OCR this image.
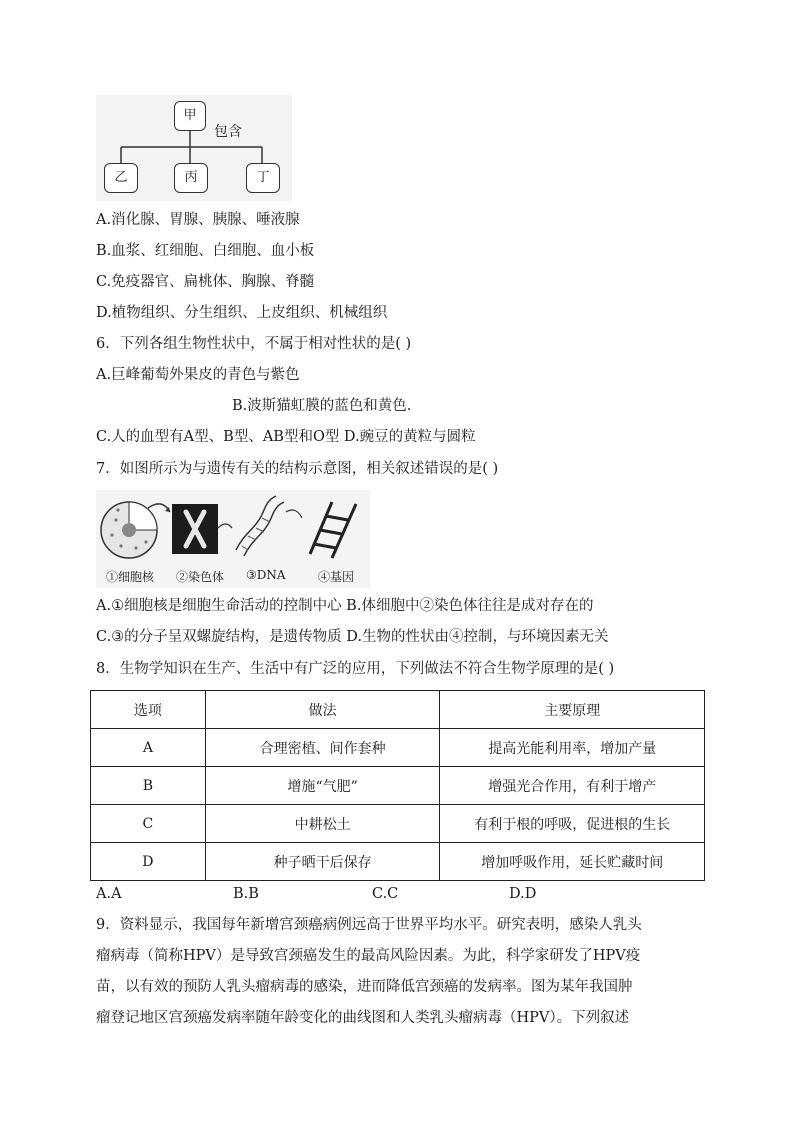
甲
包含
乙	丙	丁
A.消化腺、胃腺、胰腺、唾液腺
B.血浆、红细胞、白细胞、血小板
C.免疫器官、扁桃体、胸腺、脊髓
D.植物组织、分生组织、上皮组织、机械组织
6．下列各组生物性状中，不属于相对性状的是( )
A.巨峰葡萄外果皮的青色与紫色
B.波斯猫虹膜的蓝色和黄色.
C.人的血型有A型、B型、AB型和O型 D.豌豆的黄粒与圆粒
7．如图所示为与遗传有关的结构示意图，相关叙述错误的是( )
①细胞核 ②染色体 ③DNA	④基因
A.①细胞核是细胞生命活动的控制中心 B.体细胞中②染色体往往是成对存在的
C.③的分子呈双螺旋结构，是遗传物质 D.生物的性状由④控制，与环境因素无关
8．生物学知识在生产、生活中有广泛的应用，下列做法不符合生物学原理的是( )
选项	做法	主要原理
A	合理密植、间作套种	提高光能利用率，增加产量
B	增施“气肥”	增强光合作用，有利于增产
C	中耕松土	有利于根的呼吸，促进根的生长
D	种子晒干后保存	增加呼吸作用，延长贮藏时间
A.A	B.B	C.C	D.D
9．资料显示，我国每年新增宫颈癌病例远高于世界平均水平。研究表明，感染人乳头
瘤病毒（简称HPV）是导致宫颈癌发生的最高风险因素。为此，科学家研发了HPV疫
苗，以有效的预防人乳头瘤病毒的感染，进而降低宫颈癌的发病率。图为某年我国肿
瘤登记地区宫颈癌发病率随年龄变化的曲线图和人类乳头瘤病毒（HPV）。下列叙述
